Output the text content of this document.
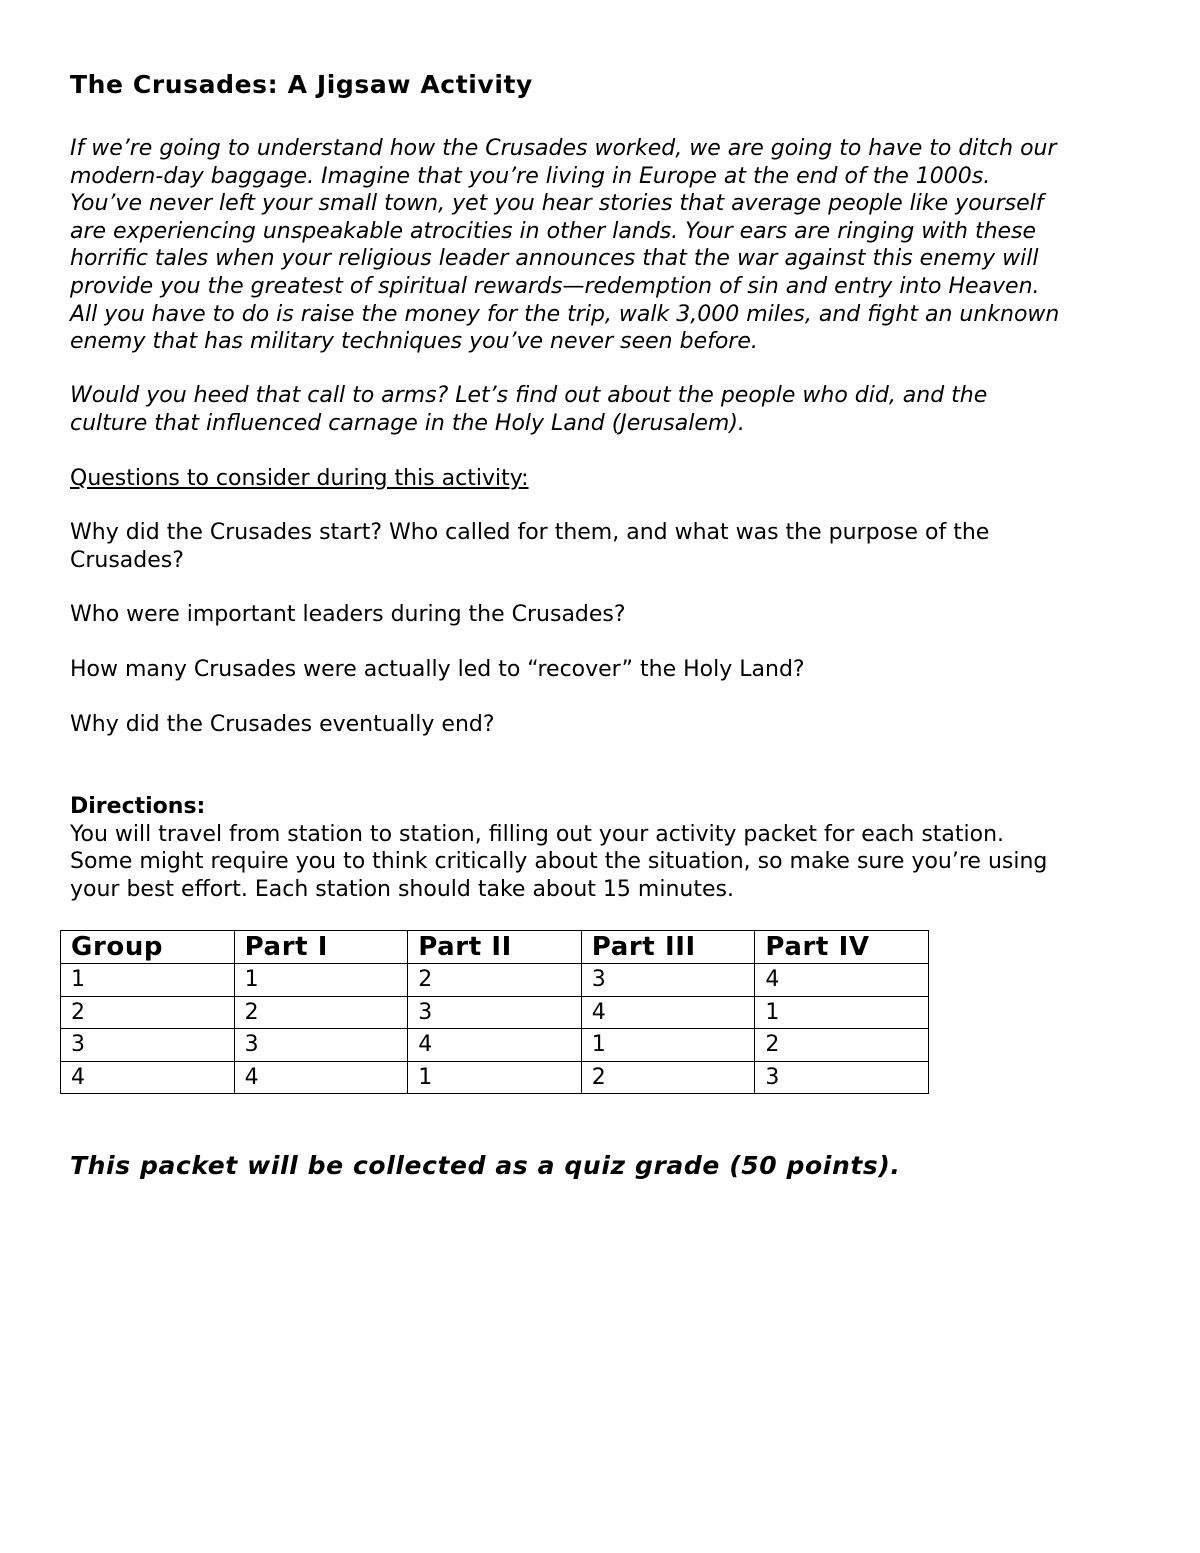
The Crusades: A Jigsaw Activity

If we’re going to understand how the Crusades worked, we are going to have to ditch our
modern-day baggage. Imagine that you’re living in Europe at the end of the 1000s.
You’ve never left your small town, yet you hear stories that average people like yourself
are experiencing unspeakable atrocities in other lands. Your ears are ringing with these
horrific tales when your religious leader announces that the war against this enemy will
provide you the greatest of spiritual rewards—redemption of sin and entry into Heaven.
All you have to do is raise the money for the trip, walk 3,000 miles, and fight an unknown
enemy that has military techniques you’ve never seen before.

Would you heed that call to arms? Let’s find out about the people who did, and the
culture that influenced carnage in the Holy Land (Jerusalem).

Questions to consider during this activity:

Why did the Crusades start? Who called for them, and what was the purpose of the
Crusades?

Who were important leaders during the Crusades?

How many Crusades were actually led to “recover” the Holy Land?

Why did the Crusades eventually end?

Directions:
You will travel from station to station, filling out your activity packet for each station.
Some might require you to think critically about the situation, so make sure you’re using
your best effort. Each station should take about 15 minutes.

Group	Part I	Part II	Part III	Part IV
1	1	2	3	4
2	2	3	4	1
3	3	4	1	2
4	4	1	2	3

This packet will be collected as a quiz grade (50 points).
